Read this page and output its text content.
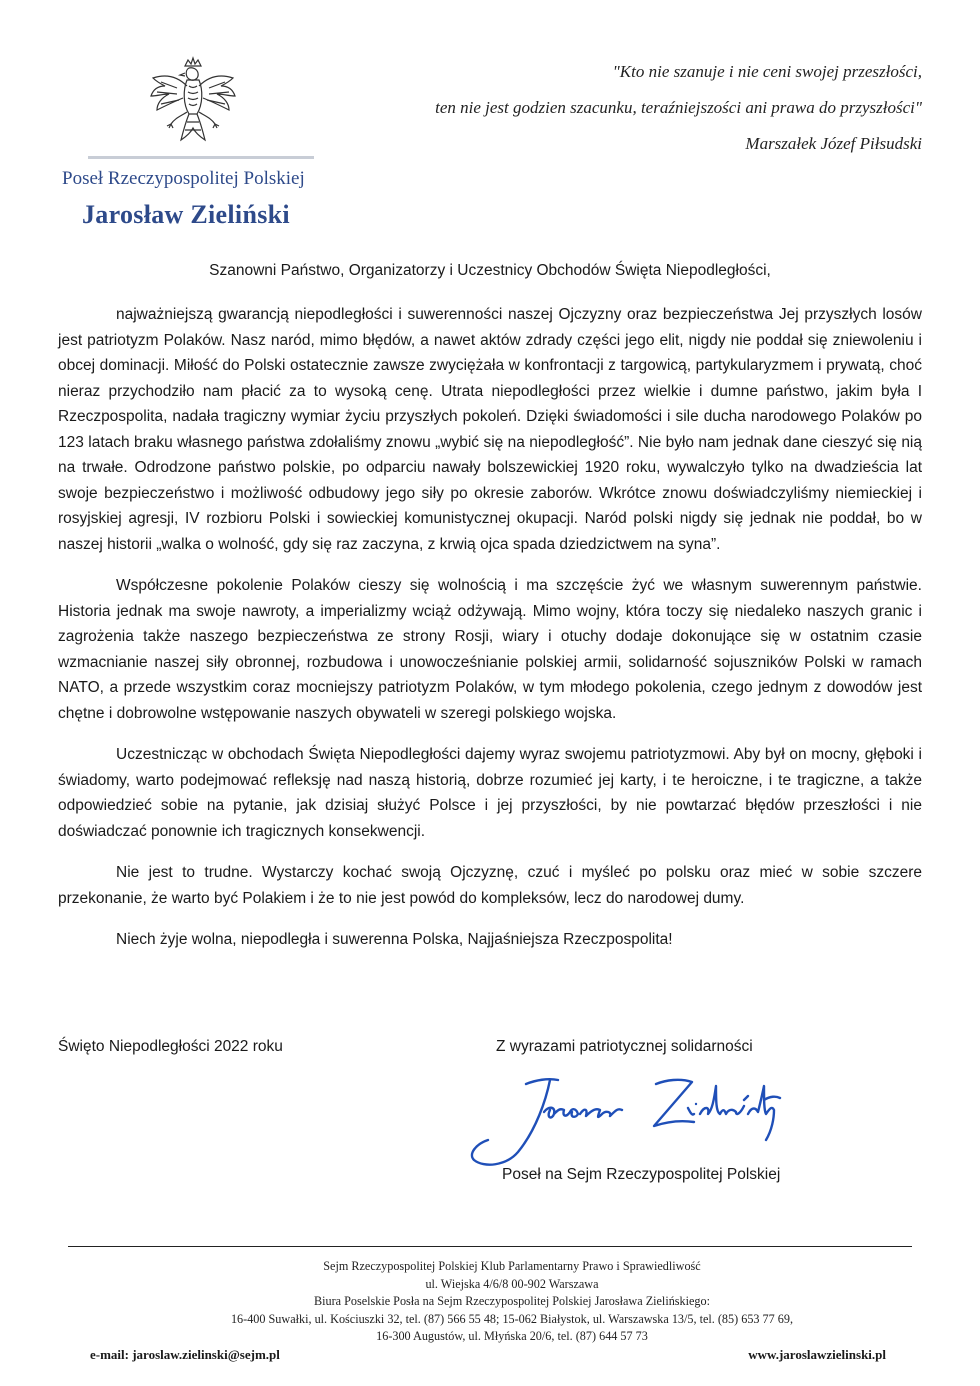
Poseł Rzeczypospolitej Polskiej
Jarosław Zieliński
"Kto nie szanuje i nie ceni swojej przeszłości,
ten nie jest godzien szacunku, teraźniejszości ani prawa do przyszłości"
Marszałek Józef Piłsudski
Szanowni Państwo, Organizatorzy i Uczestnicy Obchodów Święta Niepodległości,

najważniejszą gwarancją niepodległości i suwerenności naszej Ojczyzny oraz bezpieczeństwa Jej przyszłych losów jest patriotyzm Polaków. Nasz naród, mimo błędów, a nawet aktów zdrady części jego elit, nigdy nie poddał się zniewoleniu i obcej dominacji. Miłość do Polski ostatecznie zawsze zwyciężała w konfrontacji z targowicą, partykularyzmem i prywatą, choć nieraz przychodziło nam płacić za to wysoką cenę. Utrata niepodległości przez wielkie i dumne państwo, jakim była I Rzeczpospolita, nadała tragiczny wymiar życiu przyszłych pokoleń. Dzięki świadomości i sile ducha narodowego Polaków po 123 latach braku własnego państwa zdołaliśmy znowu „wybić się na niepodległość”. Nie było nam jednak dane cieszyć się nią na trwałe. Odrodzone państwo polskie, po odparciu nawały bolszewickiej 1920 roku, wywalczyło tylko na dwadzieścia lat swoje bezpieczeństwo i możliwość odbudowy jego siły po okresie zaborów. Wkrótce znowu doświadczyliśmy niemieckiej i rosyjskiej agresji, IV rozbioru Polski i sowieckiej komunistycznej okupacji. Naród polski nigdy się jednak nie poddał, bo w naszej historii „walka o wolność, gdy się raz zaczyna, z krwią ojca spada dziedzictwem na syna”.

Współczesne pokolenie Polaków cieszy się wolnością i ma szczęście żyć we własnym suwerennym państwie. Historia jednak ma swoje nawroty, a imperializmy wciąż odżywają. Mimo wojny, która toczy się niedaleko naszych granic i zagrożenia także naszego bezpieczeństwa ze strony Rosji, wiary i otuchy dodaje dokonujące się w ostatnim czasie wzmacnianie naszej siły obronnej, rozbudowa i unowocześnianie polskiej armii, solidarność sojuszników Polski w ramach NATO, a przede wszystkim coraz mocniejszy patriotyzm Polaków, w tym młodego pokolenia, czego jednym z dowodów jest chętne i dobrowolne wstępowanie naszych obywateli w szeregi polskiego wojska.

Uczestnicząc w obchodach Święta Niepodległości dajemy wyraz swojemu patriotyzmowi. Aby był on mocny, głęboki i świadomy, warto podejmować refleksję nad naszą historią, dobrze rozumieć jej karty, i te heroiczne, i te tragiczne, a także odpowiedzieć sobie na pytanie, jak dzisiaj służyć Polsce i jej przyszłości, by nie powtarzać błędów przeszłości i nie doświadczać ponownie ich tragicznych konsekwencji.

Nie jest to trudne. Wystarczy kochać swoją Ojczyznę, czuć i myśleć po polsku oraz mieć w sobie szczere przekonanie, że warto być Polakiem i że to nie jest powód do kompleksów, lecz do narodowej dumy.

Niech żyje wolna, niepodległa i suwerenna Polska, Najjaśniejsza Rzeczpospolita!

Święto Niepodległości 2022 roku	Z wyrazami patriotycznej solidarności
Poseł na Sejm Rzeczypospolitej Polskiej
Sejm Rzeczypospolitej Polskiej Klub Parlamentarny Prawo i Sprawiedliwość
ul. Wiejska 4/6/8 00-902 Warszawa
Biura Poselskie Posła na Sejm Rzeczypospolitej Polskiej Jarosława Zielińskiego:
16-400 Suwałki, ul. Kościuszki 32, tel. (87) 566 55 48; 15-062 Białystok, ul. Warszawska 13/5, tel. (85) 653 77 69,
16-300 Augustów, ul. Młyńska 20/6, tel. (87) 644 57 73
e-mail: jaroslaw.zielinski@sejm.pl	www.jaroslawzielinski.pl
